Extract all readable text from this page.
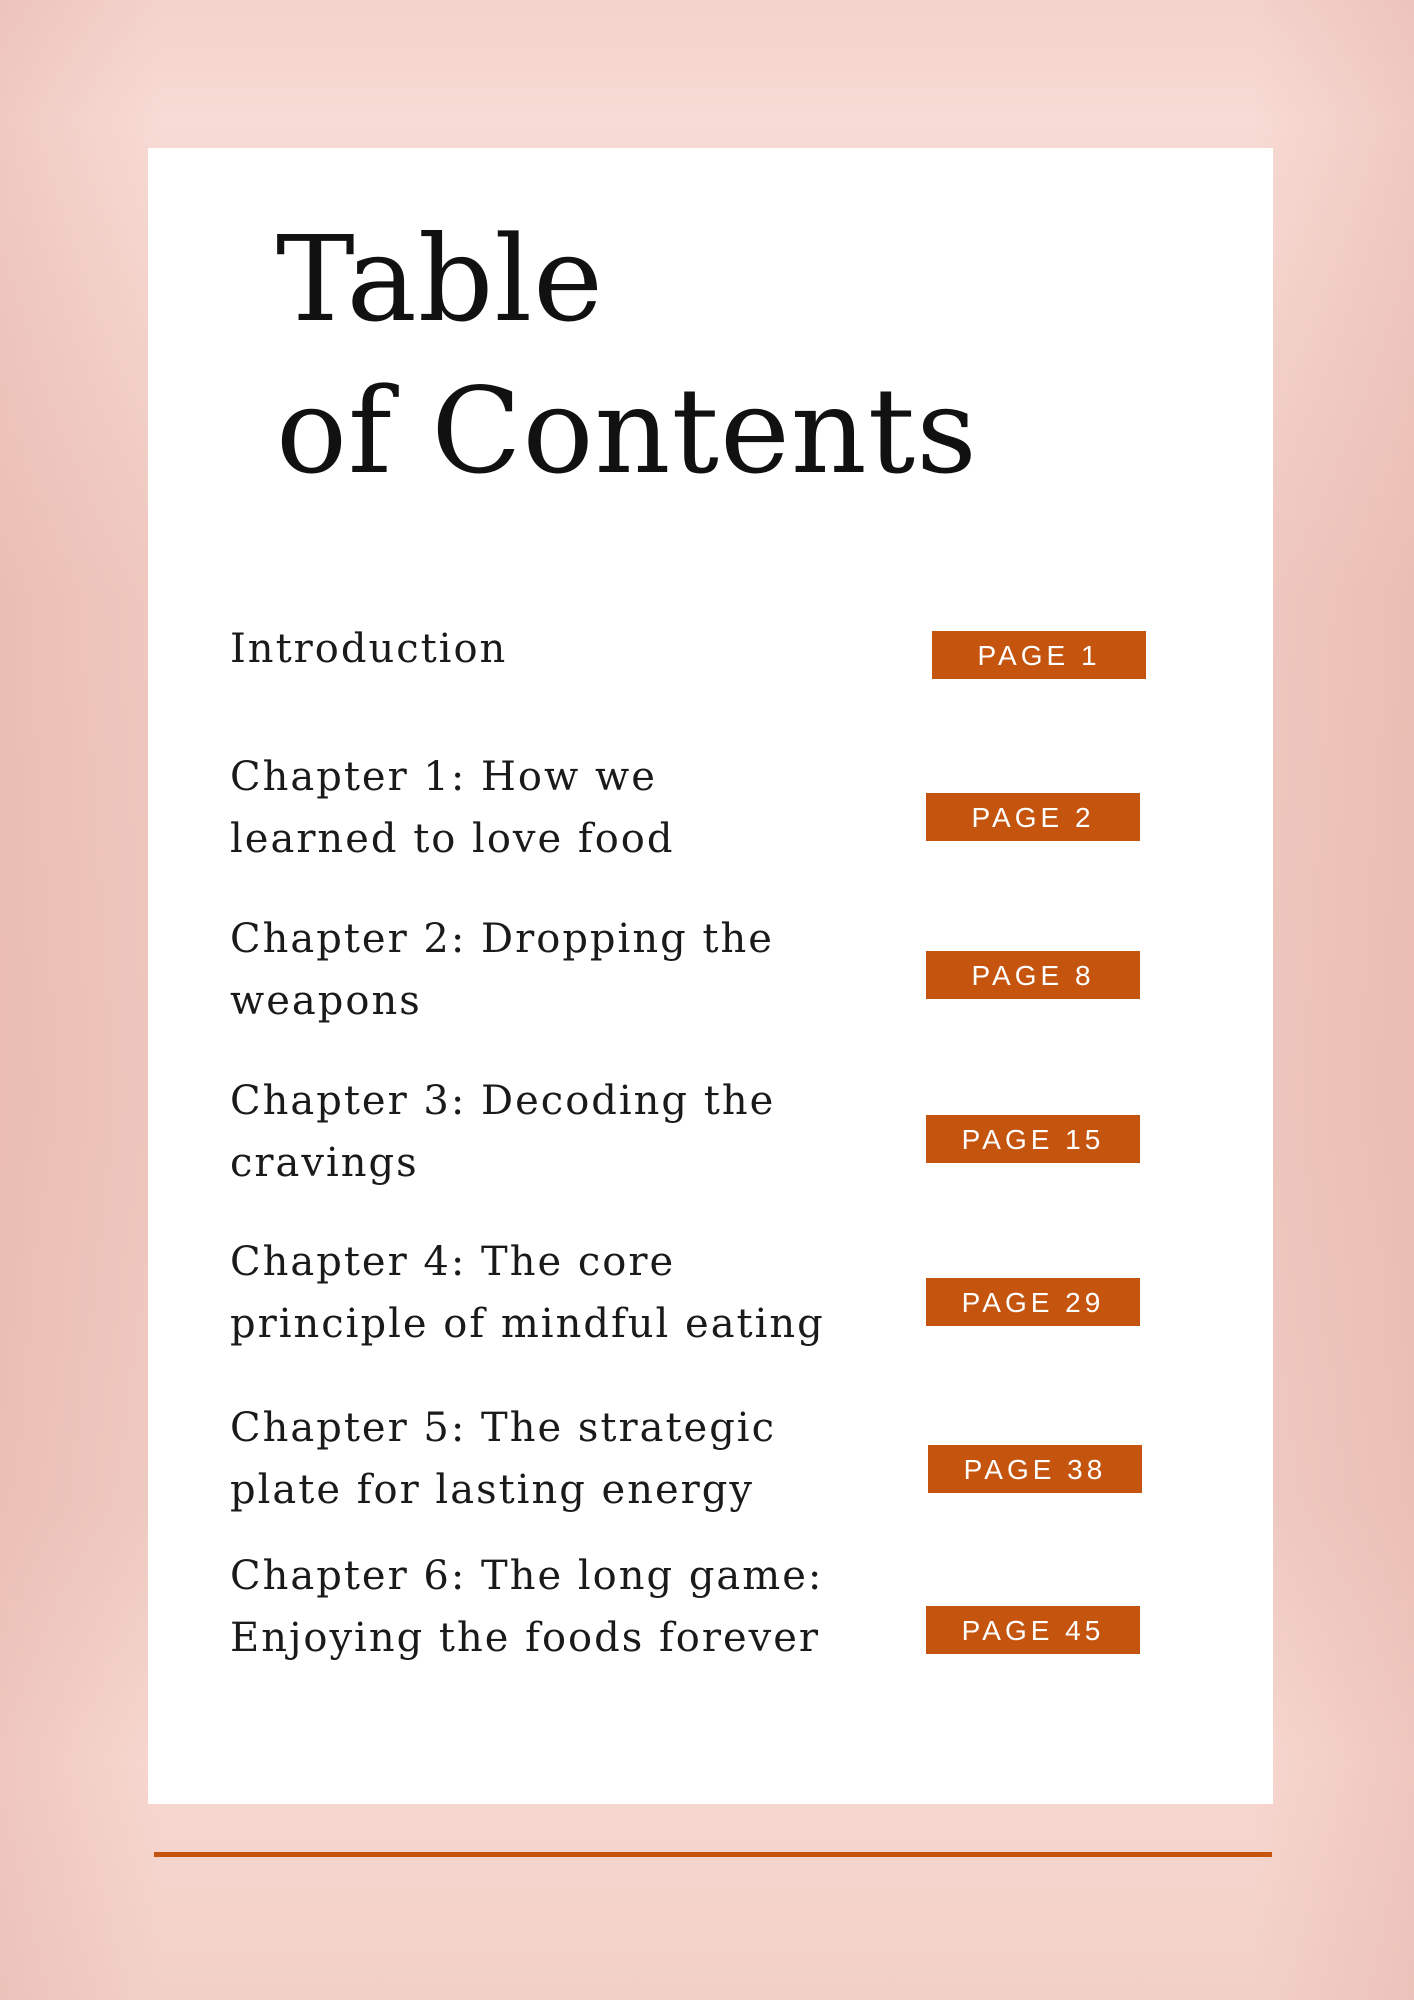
Table
of Contents

Introduction

Chapter 1: How we learned to love food

Chapter 2: Dropping the weapons

Chapter 3: Decoding the cravings

Chapter 4: The core principle of mindful eating

Chapter 5: The strategic plate for lasting energy

Chapter 6: The long game: Enjoying the foods forever

PAGE 1
PAGE 2
PAGE 8
PAGE 15
PAGE 29
PAGE 38
PAGE 45
